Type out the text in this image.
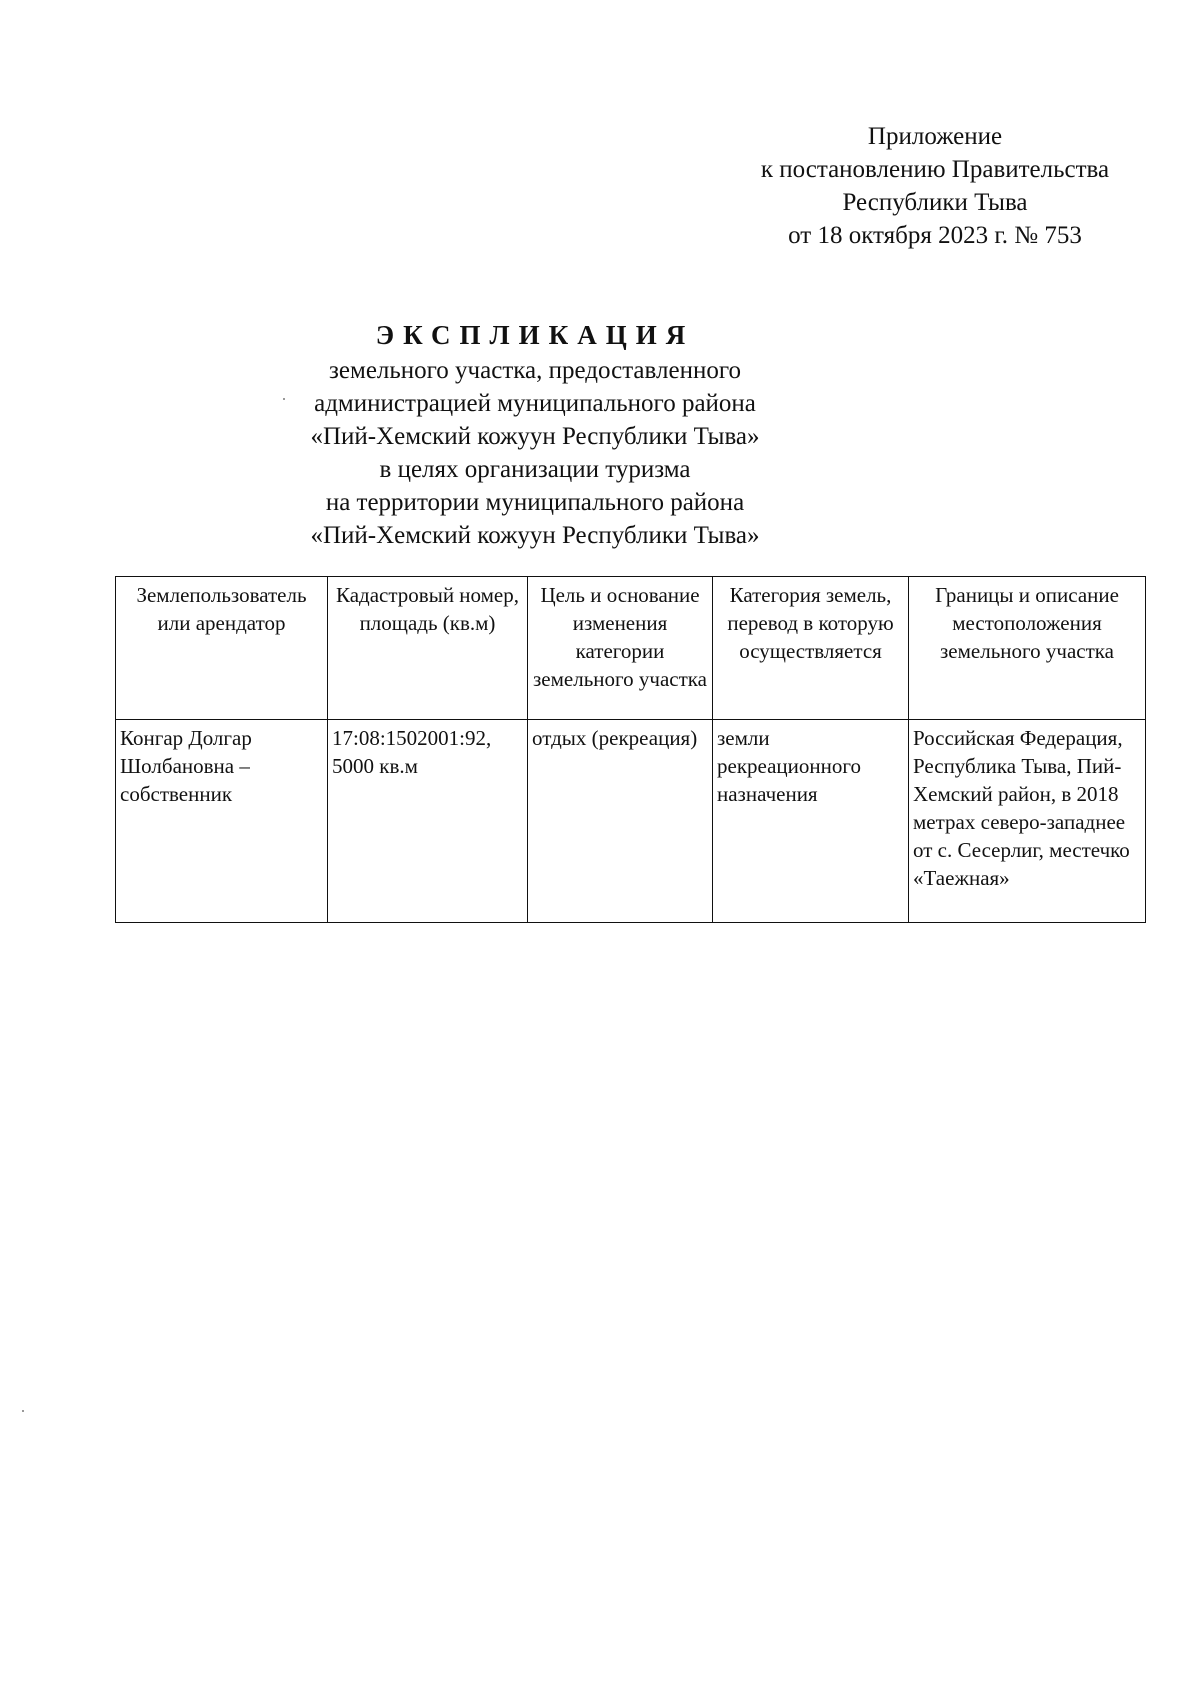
Приложение
к постановлению Правительства
Республики Тыва
от 18 октября 2023 г. № 753
ЭКСПЛИКАЦИЯ
земельного участка, предоставленного
администрацией муниципального района
«Пий-Хемский кожуун Республики Тыва»
в целях организации туризма
на территории муниципального района
«Пий-Хемский кожуун Республики Тыва»
Землепользователь или арендатор	Кадастровый номер, площадь (кв.м)	Цель и основание изменения категории земельного участка	Категория земель, перевод в которую осуществляется	Границы и описание местоположения земельного участка
Конгар Долгар Шолбановна – собственник	17:08:1502001:92, 5000 кв.м	отдых (рекреация)	земли рекреационного назначения	Российская Федерация, Республика Тыва, Пий-Хемский район, в 2018 метрах северо-западнее от с. Сесерлиг, местечко «Таежная»
